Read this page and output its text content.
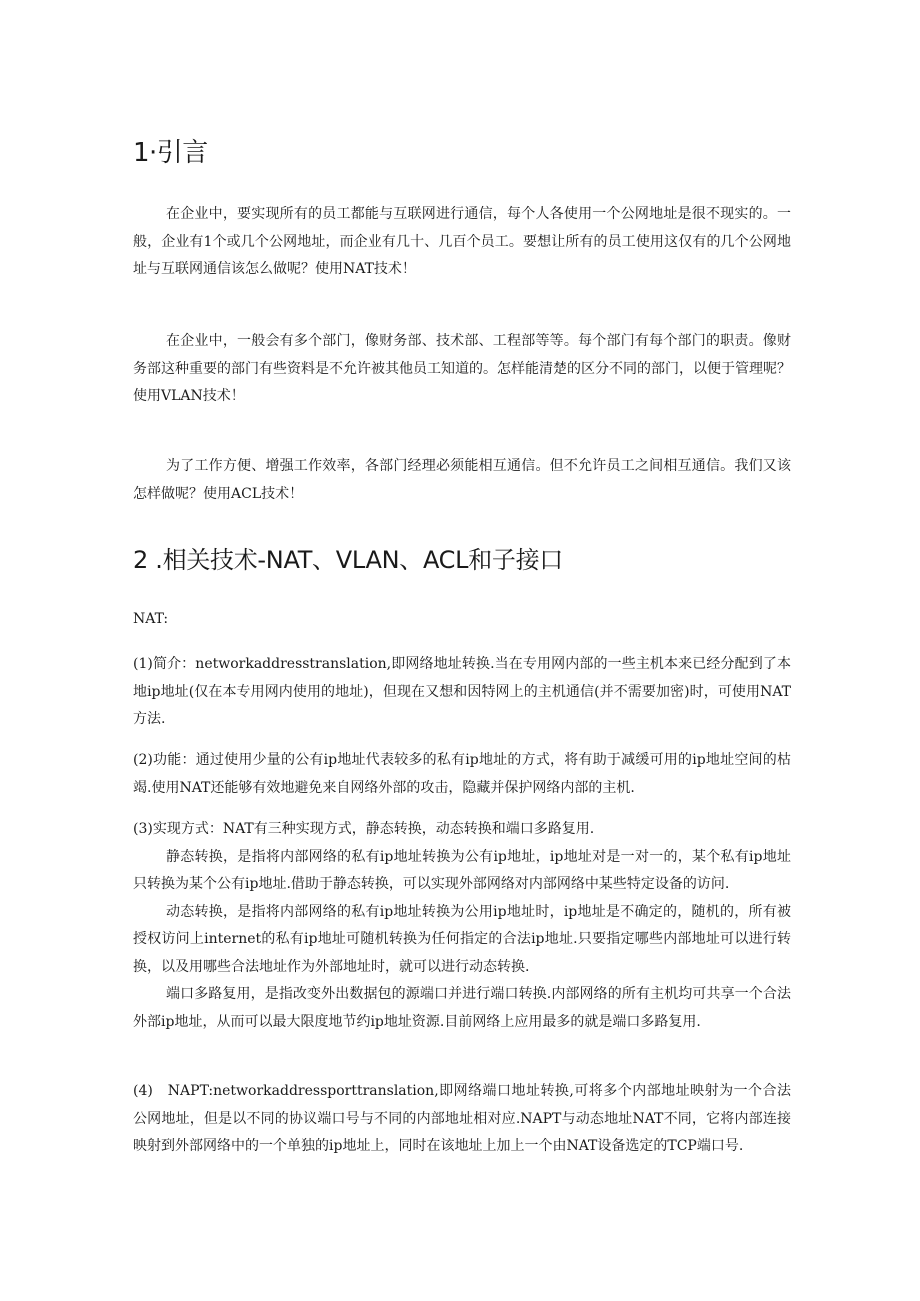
1·引言

在企业中，要实现所有的员工都能与互联网进行通信，每个人各使用一个公网地址是很不现实的。一般，企业有1个或几个公网地址，而企业有几十、几百个员工。要想让所有的员工使用这仅有的几个公网地址与互联网通信该怎么做呢？使用NAT技术！

在企业中，一般会有多个部门，像财务部、技术部、工程部等等。每个部门有每个部门的职责。像财务部这种重要的部门有些资料是不允许被其他员工知道的。怎样能清楚的区分不同的部门，以便于管理呢？使用VLAN技术！

为了工作方便、增强工作效率，各部门经理必须能相互通信。但不允许员工之间相互通信。我们又该怎样做呢？使用ACL技术！

2 .相关技术-NAT、VLAN、ACL和子接口

NAT:

(1)简介：networkaddresstranslation,即网络地址转换.当在专用网内部的一些主机本来已经分配到了本地ip地址(仅在本专用网内使用的地址)，但现在又想和因特网上的主机通信(并不需要加密)时，可使用NAT方法.

(2)功能：通过使用少量的公有ip地址代表较多的私有ip地址的方式，将有助于减缓可用的ip地址空间的枯竭.使用NAT还能够有效地避免来自网络外部的攻击，隐藏并保护网络内部的主机.

(3)实现方式：NAT有三种实现方式，静态转换，动态转换和端口多路复用.

静态转换，是指将内部网络的私有ip地址转换为公有ip地址，ip地址对是一对一的，某个私有ip地址只转换为某个公有ip地址.借助于静态转换，可以实现外部网络对内部网络中某些特定设备的访问.

动态转换，是指将内部网络的私有ip地址转换为公用ip地址时，ip地址是不确定的，随机的，所有被授权访问上internet的私有ip地址可随机转换为任何指定的合法ip地址.只要指定哪些内部地址可以进行转换，以及用哪些合法地址作为外部地址时，就可以进行动态转换.

端口多路复用，是指改变外出数据包的源端口并进行端口转换.内部网络的所有主机均可共享一个合法外部ip地址，从而可以最大限度地节约ip地址资源.目前网络上应用最多的就是端口多路复用.

(4)　NAPT:networkaddressporttranslation,即网络端口地址转换,可将多个内部地址映射为一个合法公网地址，但是以不同的协议端口号与不同的内部地址相对应.NAPT与动态地址NAT不同，它将内部连接映射到外部网络中的一个单独的ip地址上，同时在该地址上加上一个由NAT设备选定的TCP端口号.
